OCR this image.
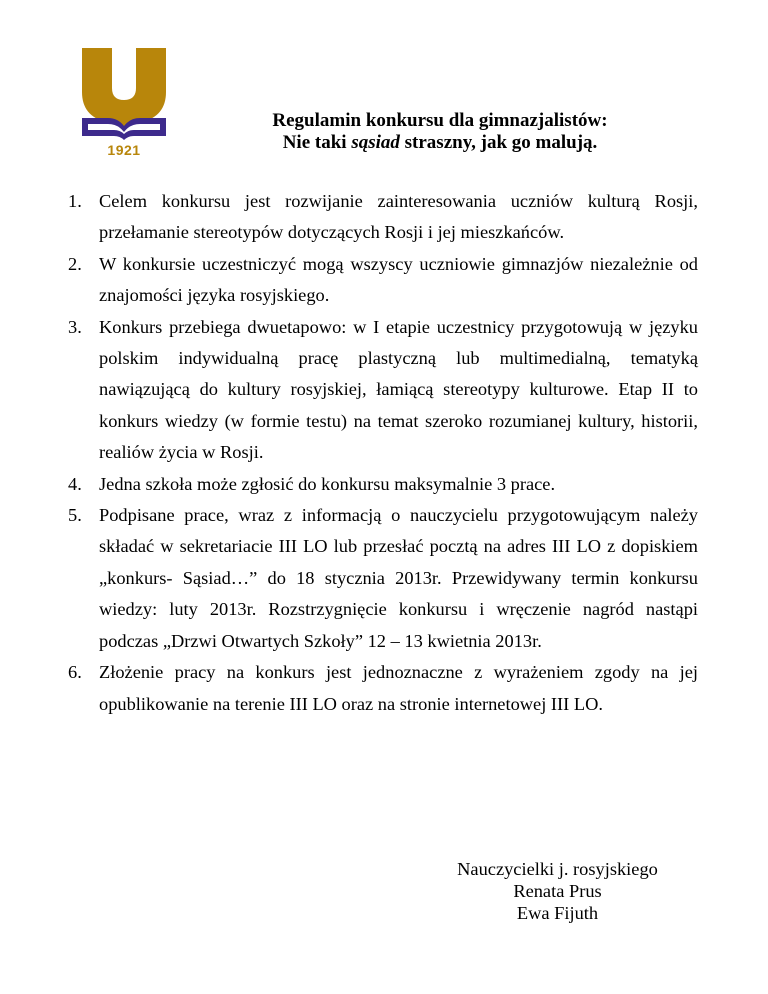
1921
Regulamin konkursu dla gimnazjalistów:
Nie taki sąsiad straszny, jak go malują.
1. Celem konkursu jest rozwijanie zainteresowania uczniów kulturą Rosji, przełamanie stereotypów dotyczących Rosji i jej mieszkańców.
2. W konkursie uczestniczyć mogą wszyscy uczniowie gimnazjów niezależnie od znajomości języka rosyjskiego.
3. Konkurs przebiega dwuetapowo: w I etapie uczestnicy przygotowują w języku polskim indywidualną pracę plastyczną lub multimedialną, tematyką nawiązującą do kultury rosyjskiej, łamiącą stereotypy kulturowe. Etap II to konkurs wiedzy (w formie testu) na temat szeroko rozumianej kultury, historii, realiów życia w Rosji.
4. Jedna szkoła może zgłosić do konkursu maksymalnie 3 prace.
5. Podpisane prace, wraz z informacją o nauczycielu przygotowującym należy składać w sekretariacie III LO lub przesłać pocztą na adres III LO z dopiskiem „konkurs- Sąsiad…” do 18 stycznia 2013r. Przewidywany termin konkursu wiedzy: luty 2013r. Rozstrzygnięcie konkursu i wręczenie nagród nastąpi podczas „Drzwi Otwartych Szkoły” 12 – 13 kwietnia 2013r.
6. Złożenie pracy na konkurs jest jednoznaczne z wyrażeniem zgody na jej opublikowanie na terenie III LO oraz na stronie internetowej III LO.
Nauczycielki j. rosyjskiego
Renata Prus
Ewa Fijuth
